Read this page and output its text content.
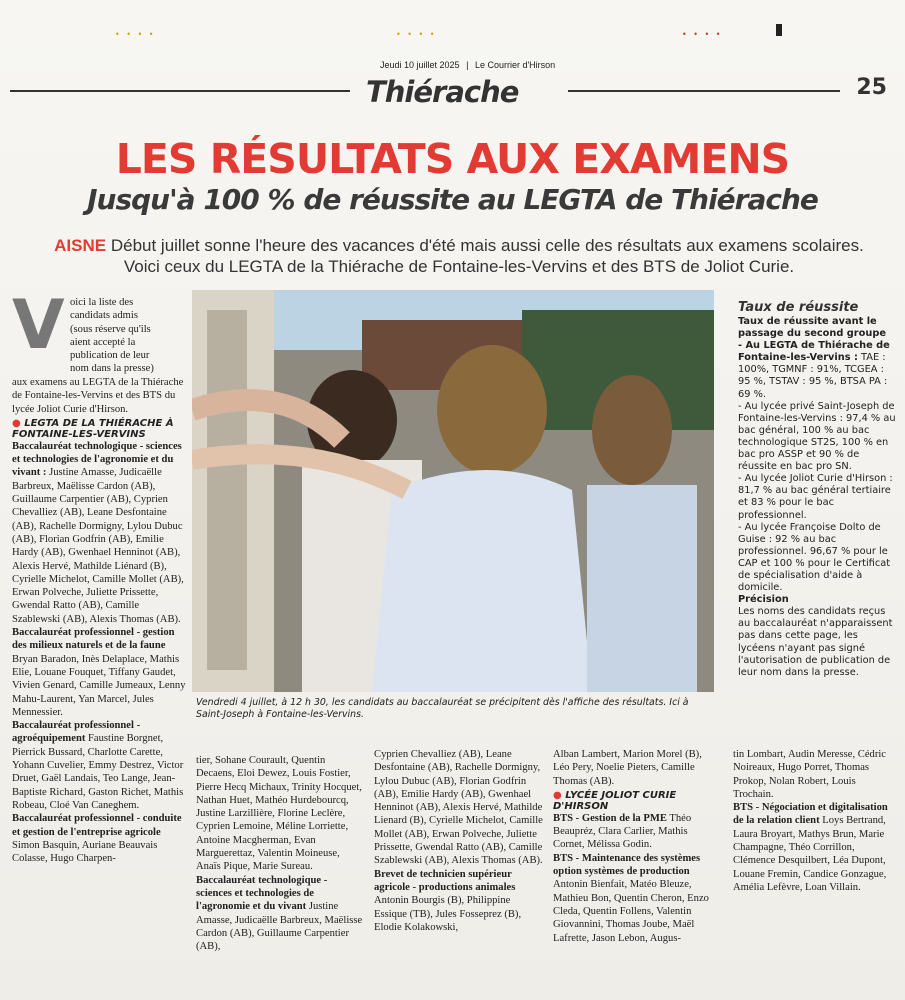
• • • •	• • • •	• • • •
Jeudi 10 juillet 2025 | Le Courrier d'Hirson
Thiérache	25
LES RÉSULTATS AUX EXAMENS
Jusqu'à 100 % de réussite au LEGTA de Thiérache
AISNE Début juillet sonne l'heure des vacances d'été mais aussi celle des résultats aux examens scolaires. Voici ceux du LEGTA de la Thiérache de Fontaine-les-Vervins et des BTS de Joliot Curie.
V oici la liste des

candidats admis

(sous réserve qu'ils

aient accepté la

publication de leur

nom dans la presse)

aux examens au LEGTA de la Thiérache de Fontaine-les-Vervins et des BTS du lycée Joliot Curie d'Hirson.

● LEGTA DE LA THIÉRACHE À FONTAINE-LES-VERVINS

Baccalauréat technologique - sciences et technologies de l'agronomie et du vivant : Justine Amasse, Judicaëlle Barbreux, Maëlisse Cardon (AB), Guillaume Carpentier (AB), Cyprien Chevalliez (AB), Leane Desfontaine (AB), Rachelle Dormigny, Lylou Dubuc (AB), Florian Godfrin (AB), Emilie Hardy (AB), Gwenhael Henninot (AB), Alexis Hervé, Mathilde Liénard (B), Cyrielle Michelot, Camille Mollet (AB), Erwan Polveche, Juliette Prissette, Gwendal Ratto (AB), Camille Szablewski (AB), Alexis Thomas (AB).

Baccalauréat professionnel - gestion des milieux naturels et de la faune Bryan Baradon, Inès Delaplace, Mathis Elie, Louane Fouquet, Tiffany Gaudet, Vivien Genard, Camille Jumeaux, Lenny Mahu-Laurent, Yan Marcel, Jules Mennessier.

Baccalauréat professionnel - agroéquipement Faustine Borgnet, Pierrick Bussard, Charlotte Carette, Yohann Cuvelier, Emmy Destrez, Victor Druet, Gaël Landais, Teo Lange, Jean-Baptiste Richard, Gaston Richet, Mathis Robeau, Cloé Van Caneghem.

Baccalauréat professionnel - conduite et gestion de l'entreprise agricole Simon Basquin, Auriane Beauvais Colasse, Hugo Charpen-

Vendredi 4 juillet, à 12 h 30, les candidats au baccalauréat se précipitent dès l'affiche des résultats. Ici à Saint-Joseph à Fontaine-les-Vervins.

tier, Sohane Courault, Quentin Decaens, Eloi Dewez, Louis Fostier, Pierre Hecq Michaux, Trinity Hocquet, Nathan Huet, Mathéo Hurdebourcq, Justine Larzillière, Florine Leclère, Cyprien Lemoine, Méline Lorriette, Antoine Macgherman, Evan Marguerettaz, Valentin Moineuse, Anaïs Pique, Marie Sureau.

Baccalauréat technologique - sciences et technologies de l'agronomie et du vivant Justine Amasse, Judicaëlle Barbreux, Maëlisse Cardon (AB), Guillaume Carpentier (AB),

Cyprien Chevalliez (AB), Leane Desfontaine (AB), Rachelle Dormigny, Lylou Dubuc (AB), Florian Godfrin (AB), Emilie Hardy (AB), Gwenhael Henninot (AB), Alexis Hervé, Mathilde Lienard (B), Cyrielle Michelot, Camille Mollet (AB), Erwan Polveche, Juliette Prissette, Gwendal Ratto (AB), Camille Szablewski (AB), Alexis Thomas (AB).

Brevet de technicien supérieur agricole - productions animales Antonin Bourgis (B), Philippine Essique (TB), Jules Fosseprez (B), Elodie Kolakowski,

Alban Lambert, Marion Morel (B), Léo Pery, Noelie Pieters, Camille Thomas (AB).

● LYCÉE JOLIOT CURIE D'HIRSON

BTS - Gestion de la PME Théo Beaupréz, Clara Carlier, Mathis Cornet, Mélissa Godin.

BTS - Maintenance des systèmes option systèmes de production Antonin Bienfait, Matéo Bleuze, Mathieu Bon, Quentin Cheron, Enzo Cleda, Quentin Follens, Valentin Giovannini, Thomas Joube, Maël Lafrette, Jason Lebon, Augus-

tin Lombart, Audin Meresse, Cédric Noireaux, Hugo Porret, Thomas Prokop, Nolan Robert, Louis Trochain.

BTS - Négociation et digitalisation de la relation client Loys Bertrand, Laura Broyart, Mathys Brun, Marie Champagne, Théo Corrillon, Clémence Desquilbert, Léa Dupont, Louane Fremin, Candice Gonzague, Amélia Lefèvre, Loan Villain.

Taux de réussite
Taux de réussite avant le passage du second groupe
- Au LEGTA de Thiérache de Fontaine-les-Vervins : TAE : 100%, TGMNF : 91%, TCGEA : 95 %, TSTAV : 95 %, BTSA PA : 69 %.
- Au lycée privé Saint-Joseph de Fontaine-les-Vervins : 97,4 % au bac général, 100 % au bac technologique ST2S, 100 % en bac pro ASSP et 90 % de réussite en bac pro SN.
- Au lycée Joliot Curie d'Hirson : 81,7 % au bac général tertiaire et 83 % pour le bac professionnel.
- Au lycée Françoise Dolto de Guise : 92 % au bac professionnel. 96,67 % pour le CAP et 100 % pour le Certificat de spécialisation d'aide à domicile.
Précision
Les noms des candidats reçus au baccalauréat n'apparaissent pas dans cette page, les lycéens n'ayant pas signé l'autorisation de publication de leur nom dans la presse.
